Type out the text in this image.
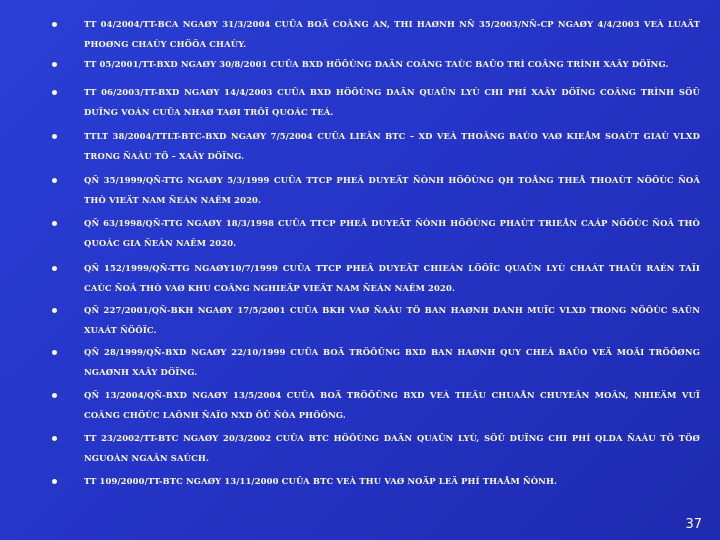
TT 04/2004/TT-BCA NGAØY 31/3/2004 CUÛA BOÄ COÂNG AN, THI HAØNH NÑ 35/2003/NÑ-CP NGAØY 4/4/2003 VEÀ LUAÄT PHOØNG CHAÙY CHÖÕA CHAÙY.
TT 05/2001/TT-BXD NGAØY 30/8/2001 CUÛA BXD HÖÔÙNG DAÃN COÂNG TAÙC BAÛO TRÌ COÂNG TRÌNH XAÂY DÖÏNG.
TT 06/2003/TT-BXD NGAØY 14/4/2003 CUÛA BXD HÖÔÙNG DAÃN QUAÛN LYÙ CHI PHÍ XAÂY DÖÏNG COÂNG TRÌNH SÖÛ DUÏNG VOÁN CUÛA NHAØ TAØI TRÔÏ QUOÁC TEÁ.
TTLT 38/2004/TTLT-BTC-BXD NGAØY 7/5/2004 CUÛA LIEÂN BTC – XD VEÀ THOÂNG BAÙO VAØ KIEÅM SOAÙT GIAÙ VLXD TRONG ÑAÀU TÖ – XAÂY DÖÏNG.
QÑ 35/1999/QÑ-TTG NGAØY 5/3/1999 CUÛA TTCP PHEÂ DUYEÄT ÑÒNH HÖÔÙNG QH TOÅNG THEÅ THOAÙT NÖÔÙC ÑOÂ THÒ VIEÄT NAM ÑEÁN NAÊM 2020.
QÑ 63/1998/QÑ-TTG NGAØY 18/3/1998 CUÛA TTCP PHEÂ DUYEÄT ÑÒNH HÖÔÙNG PHAÙT TRIEÅN CAÁP NÖÔÙC ÑOÂ THÒ QUOÁC GIA ÑEÁN NAÊM 2020.
QÑ 152/1999/QÑ-TTG NGAØY10/7/1999 CUÛA TTCP PHEÂ DUYEÄT CHIEÁN LÖÔÏC QUAÛN LYÙ CHAÁT THAÛI RAÉN TAÏI CAÙC ÑOÂ THÒ VAØ KHU COÂNG NGHIEÄP VIEÄT NAM ÑEÁN NAÊM 2020.
QÑ 227/2001/QÑ-BKH NGAØY 17/5/2001 CUÛA BKH VAØ ÑAÀU TÖ BAN HAØNH DANH MUÏC VLXD TRONG NÖÔÙC SAÛN XUAÁT ÑÖÔÏC.
QÑ 28/1999/QÑ-BXD NGAØY 22/10/1999 CUÛA BOÄ TRÖÔÛNG BXD BAN HAØNH QUY CHEÁ BAÛO VEÄ MOÂI TRÖÔØNG NGAØNH XAÂY DÖÏNG.
QÑ 13/2004/QÑ-BXD NGAØY 13/5/2004 CUÛA BOÄ TRÖÔÛNG BXD VEÀ TIEÂU CHUAÅN CHUYEÂN MOÂN, NHIEÄM VUÏ COÂNG CHÖÙC LAÕNH ÑAÏO NXD ÔÛ ÑÒA PHÖÔNG.
TT 23/2002/TT-BTC NGAØY 20/3/2002 CUÛA BTC HÖÔÙNG DAÃN QUAÛN LYÙ, SÖÛ DUÏNG CHI PHÍ QLDA ÑAÀU TÖ TÖØ NGUOÀN NGAÂN SAÙCH.
TT 109/2000/TT-BTC NGAØY 13/11/2000 CUÛA BTC VEÀ THU VAØ NOÄP LEÄ PHÍ THAÅM ÑÒNH.
37
